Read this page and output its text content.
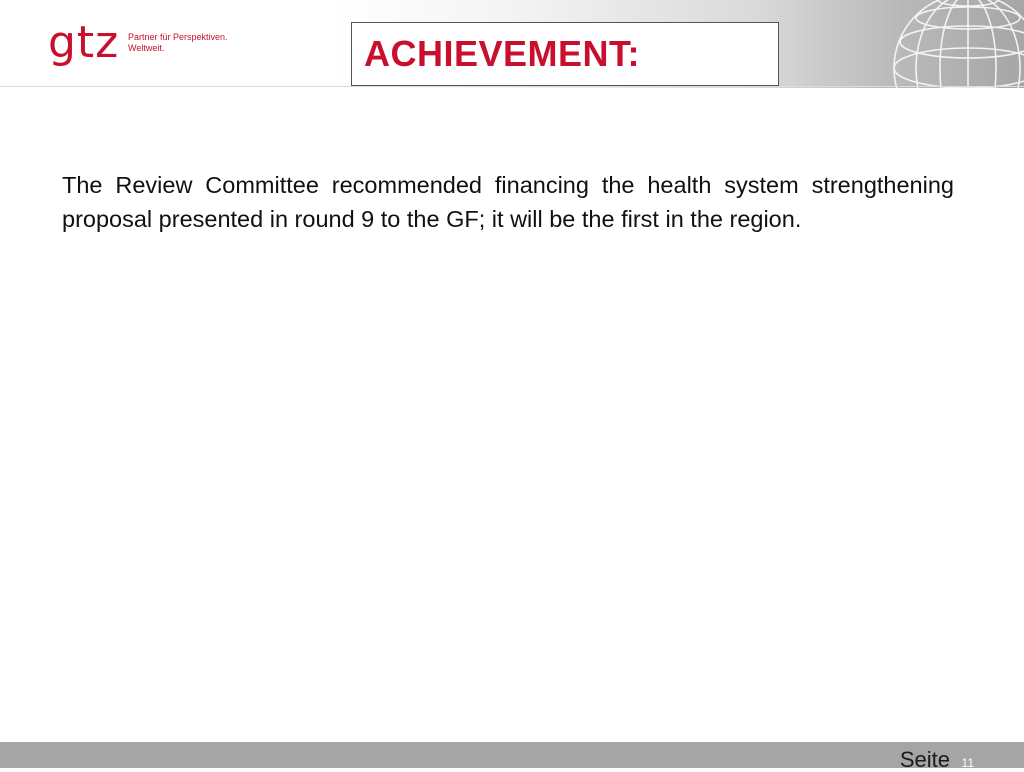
gtz Partner für Perspektiven.
Weltweit.	ACHIEVEMENT:

The Review Committee recommended financing the health system strengthening proposal presented in round 9 to the GF; it will be the first in the region.

Seite 11
